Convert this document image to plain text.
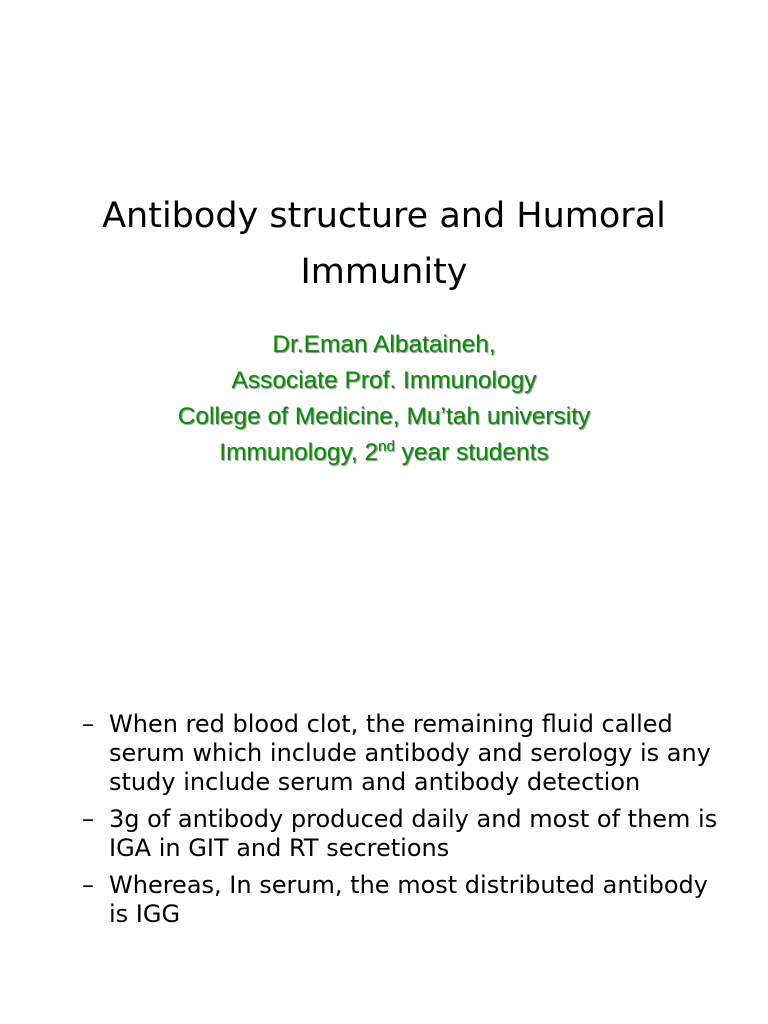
Antibody structure and Humoral
Immunity
Dr.Eman Albataineh,
Associate Prof. Immunology
College of Medicine, Mu’tah university
Immunology, 2nd year students
– When red blood clot, the remaining fluid called serum which include antibody and serology is any study include serum and antibody detection
– 3g of antibody produced daily and most of them is IGA in GIT and RT secretions
– Whereas, In serum, the most distributed antibody is IGG
